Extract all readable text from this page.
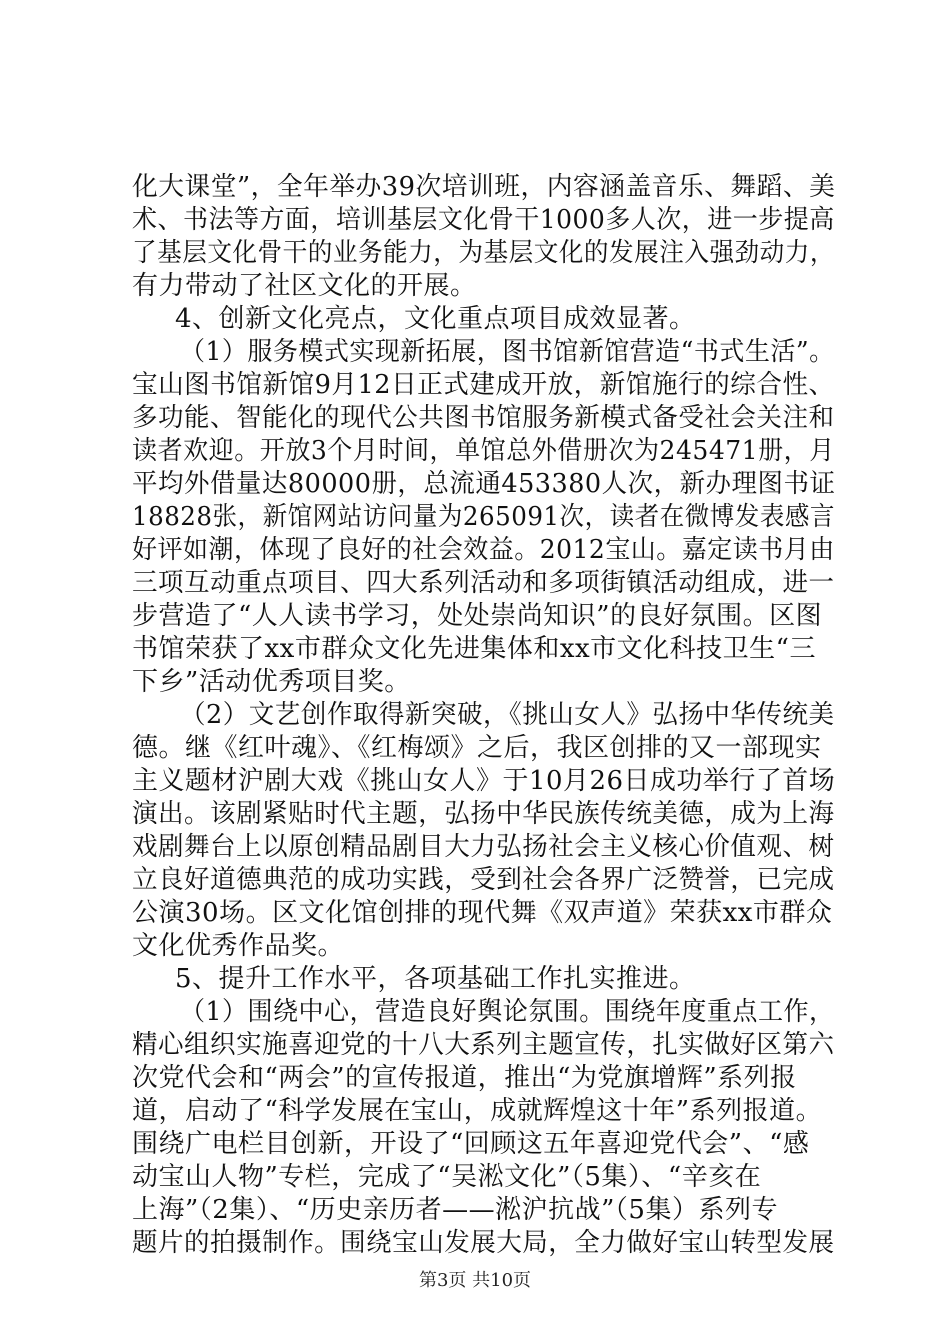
化大课堂”，全年举办39次培训班，内容涵盖音乐、舞蹈、美
术、书法等方面，培训基层文化骨干1000多人次，进一步提高
了基层文化骨干的业务能力，为基层文化的发展注入强劲动力，
有力带动了社区文化的开展。
4、创新文化亮点，文化重点项目成效显著。
（1）服务模式实现新拓展，图书馆新馆营造“书式生活”。
宝山图书馆新馆9月12日正式建成开放，新馆施行的综合性、
多功能、智能化的现代公共图书馆服务新模式备受社会关注和
读者欢迎。开放3个月时间，单馆总外借册次为245471册，月
平均外借量达80000册，总流通453380人次，新办理图书证
18828张，新馆网站访问量为265091次，读者在微博发表感言
好评如潮，体现了良好的社会效益。2012宝山。嘉定读书月由
三项互动重点项目、四大系列活动和多项街镇活动组成，进一
步营造了“人人读书学习，处处崇尚知识”的良好氛围。区图
书馆荣获了xx市群众文化先进集体和xx市文化科技卫生“三
下乡”活动优秀项目奖。
（2）文艺创作取得新突破，《挑山女人》弘扬中华传统美
德。继《红叶魂》、《红梅颂》之后，我区创排的又一部现实
主义题材沪剧大戏《挑山女人》于10月26日成功举行了首场
演出。该剧紧贴时代主题，弘扬中华民族传统美德，成为上海
戏剧舞台上以原创精品剧目大力弘扬社会主义核心价值观、树
立良好道德典范的成功实践，受到社会各界广泛赞誉，已完成
公演30场。区文化馆创排的现代舞《双声道》荣获xx市群众
文化优秀作品奖。
5、提升工作水平，各项基础工作扎实推进。
（1）围绕中心，营造良好舆论氛围。围绕年度重点工作，
精心组织实施喜迎党的十八大系列主题宣传，扎实做好区第六
次党代会和“两会”的宣传报道，推出“为党旗增辉”系列报
道，启动了“科学发展在宝山，成就辉煌这十年”系列报道。
围绕广电栏目创新，开设了“回顾这五年喜迎党代会”、“感
动宝山人物”专栏，完成了“吴淞文化”（5集）、“辛亥在
上海”（2集）、“历史亲历者——淞沪抗战”（5集）系列专
题片的拍摄制作。围绕宝山发展大局，全力做好宝山转型发展
第3页 共10页
